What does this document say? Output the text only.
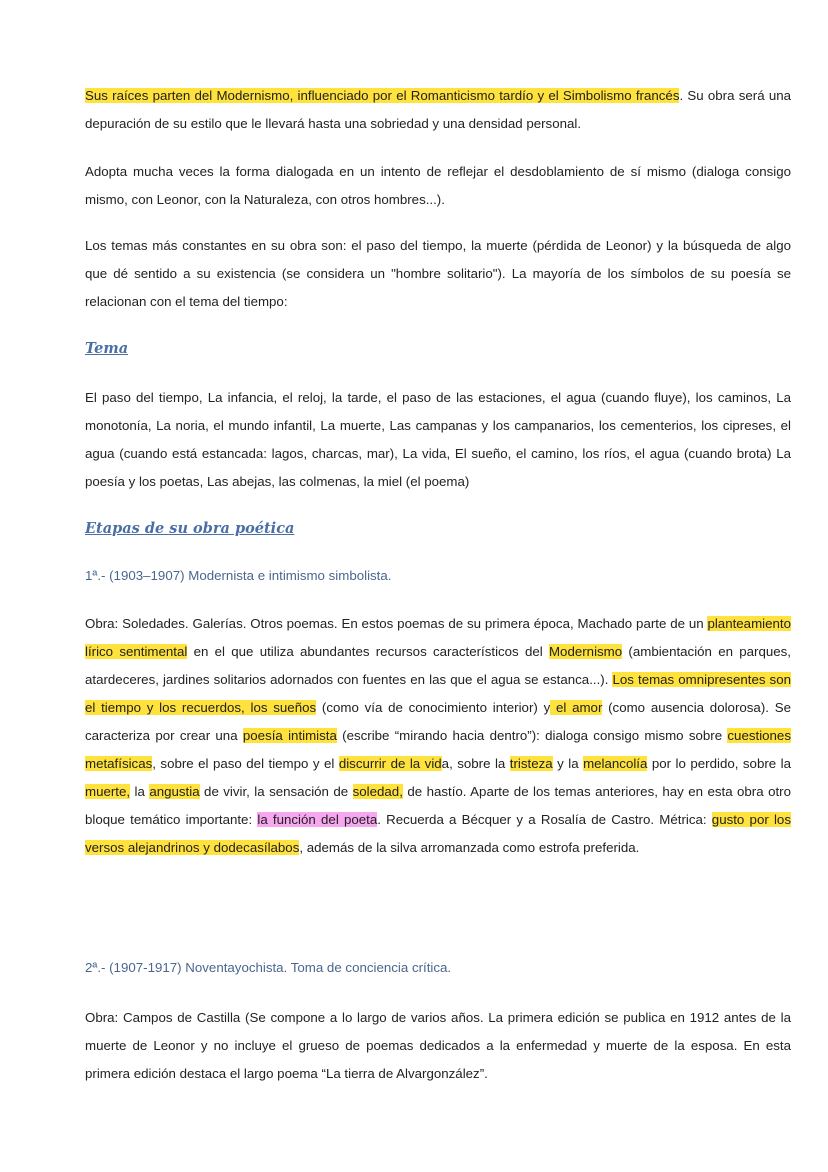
Sus raíces parten del Modernismo, influenciado por el Romanticismo tardío y el Simbolismo francés. Su obra será una depuración de su estilo que le llevará hasta una sobriedad y una densidad personal.

Adopta mucha veces la forma dialogada en un intento de reflejar el desdoblamiento de sí mismo (dialoga consigo mismo, con Leonor, con la Naturaleza, con otros hombres...).

Los temas más constantes en su obra son: el paso del tiempo, la muerte (pérdida de Leonor) y la búsqueda de algo que dé sentido a su existencia (se considera un "hombre solitario"). La mayoría de los símbolos de su poesía se relacionan con el tema del tiempo:

Tema

El paso del tiempo, La infancia, el reloj, la tarde, el paso de las estaciones, el agua (cuando fluye), los caminos, La monotonía, La noria, el mundo infantil, La muerte, Las campanas y los campanarios, los cementerios, los cipreses, el agua (cuando está estancada: lagos, charcas, mar), La vida, El sueño, el camino, los ríos, el agua (cuando brota) La poesía y los poetas, Las abejas, las colmenas, la miel (el poema)

Etapas de su obra poética

1ª.- (1903–1907) Modernista e intimismo simbolista.

Obra: Soledades. Galerías. Otros poemas. En estos poemas de su primera época, Machado parte de un planteamiento lírico sentimental en el que utiliza abundantes recursos característicos del Modernismo (ambientación en parques, atardeceres, jardines solitarios adornados con fuentes en las que el agua se estanca...). Los temas omnipresentes son el tiempo y los recuerdos, los sueños (como vía de conocimiento interior) y el amor (como ausencia dolorosa). Se caracteriza por crear una poesía intimista (escribe “mirando hacia dentro”): dialoga consigo mismo sobre cuestiones metafísicas, sobre el paso del tiempo y el discurrir de la vida, sobre la tristeza y la melancolía por lo perdido, sobre la muerte, la angustia de vivir, la sensación de soledad, de hastío. Aparte de los temas anteriores, hay en esta obra otro bloque temático importante: la función del poeta. Recuerda a Bécquer y a Rosalía de Castro. Métrica: gusto por los versos alejandrinos y dodecasílabos, además de la silva arromanzada como estrofa preferida.

2ª.- (1907-1917) Noventayochista. Toma de conciencia crítica.

Obra: Campos de Castilla (Se compone a lo largo de varios años. La primera edición se publica en 1912 antes de la muerte de Leonor y no incluye el grueso de poemas dedicados a la enfermedad y muerte de la esposa. En esta primera edición destaca el largo poema “La tierra de Alvargonzález”.
